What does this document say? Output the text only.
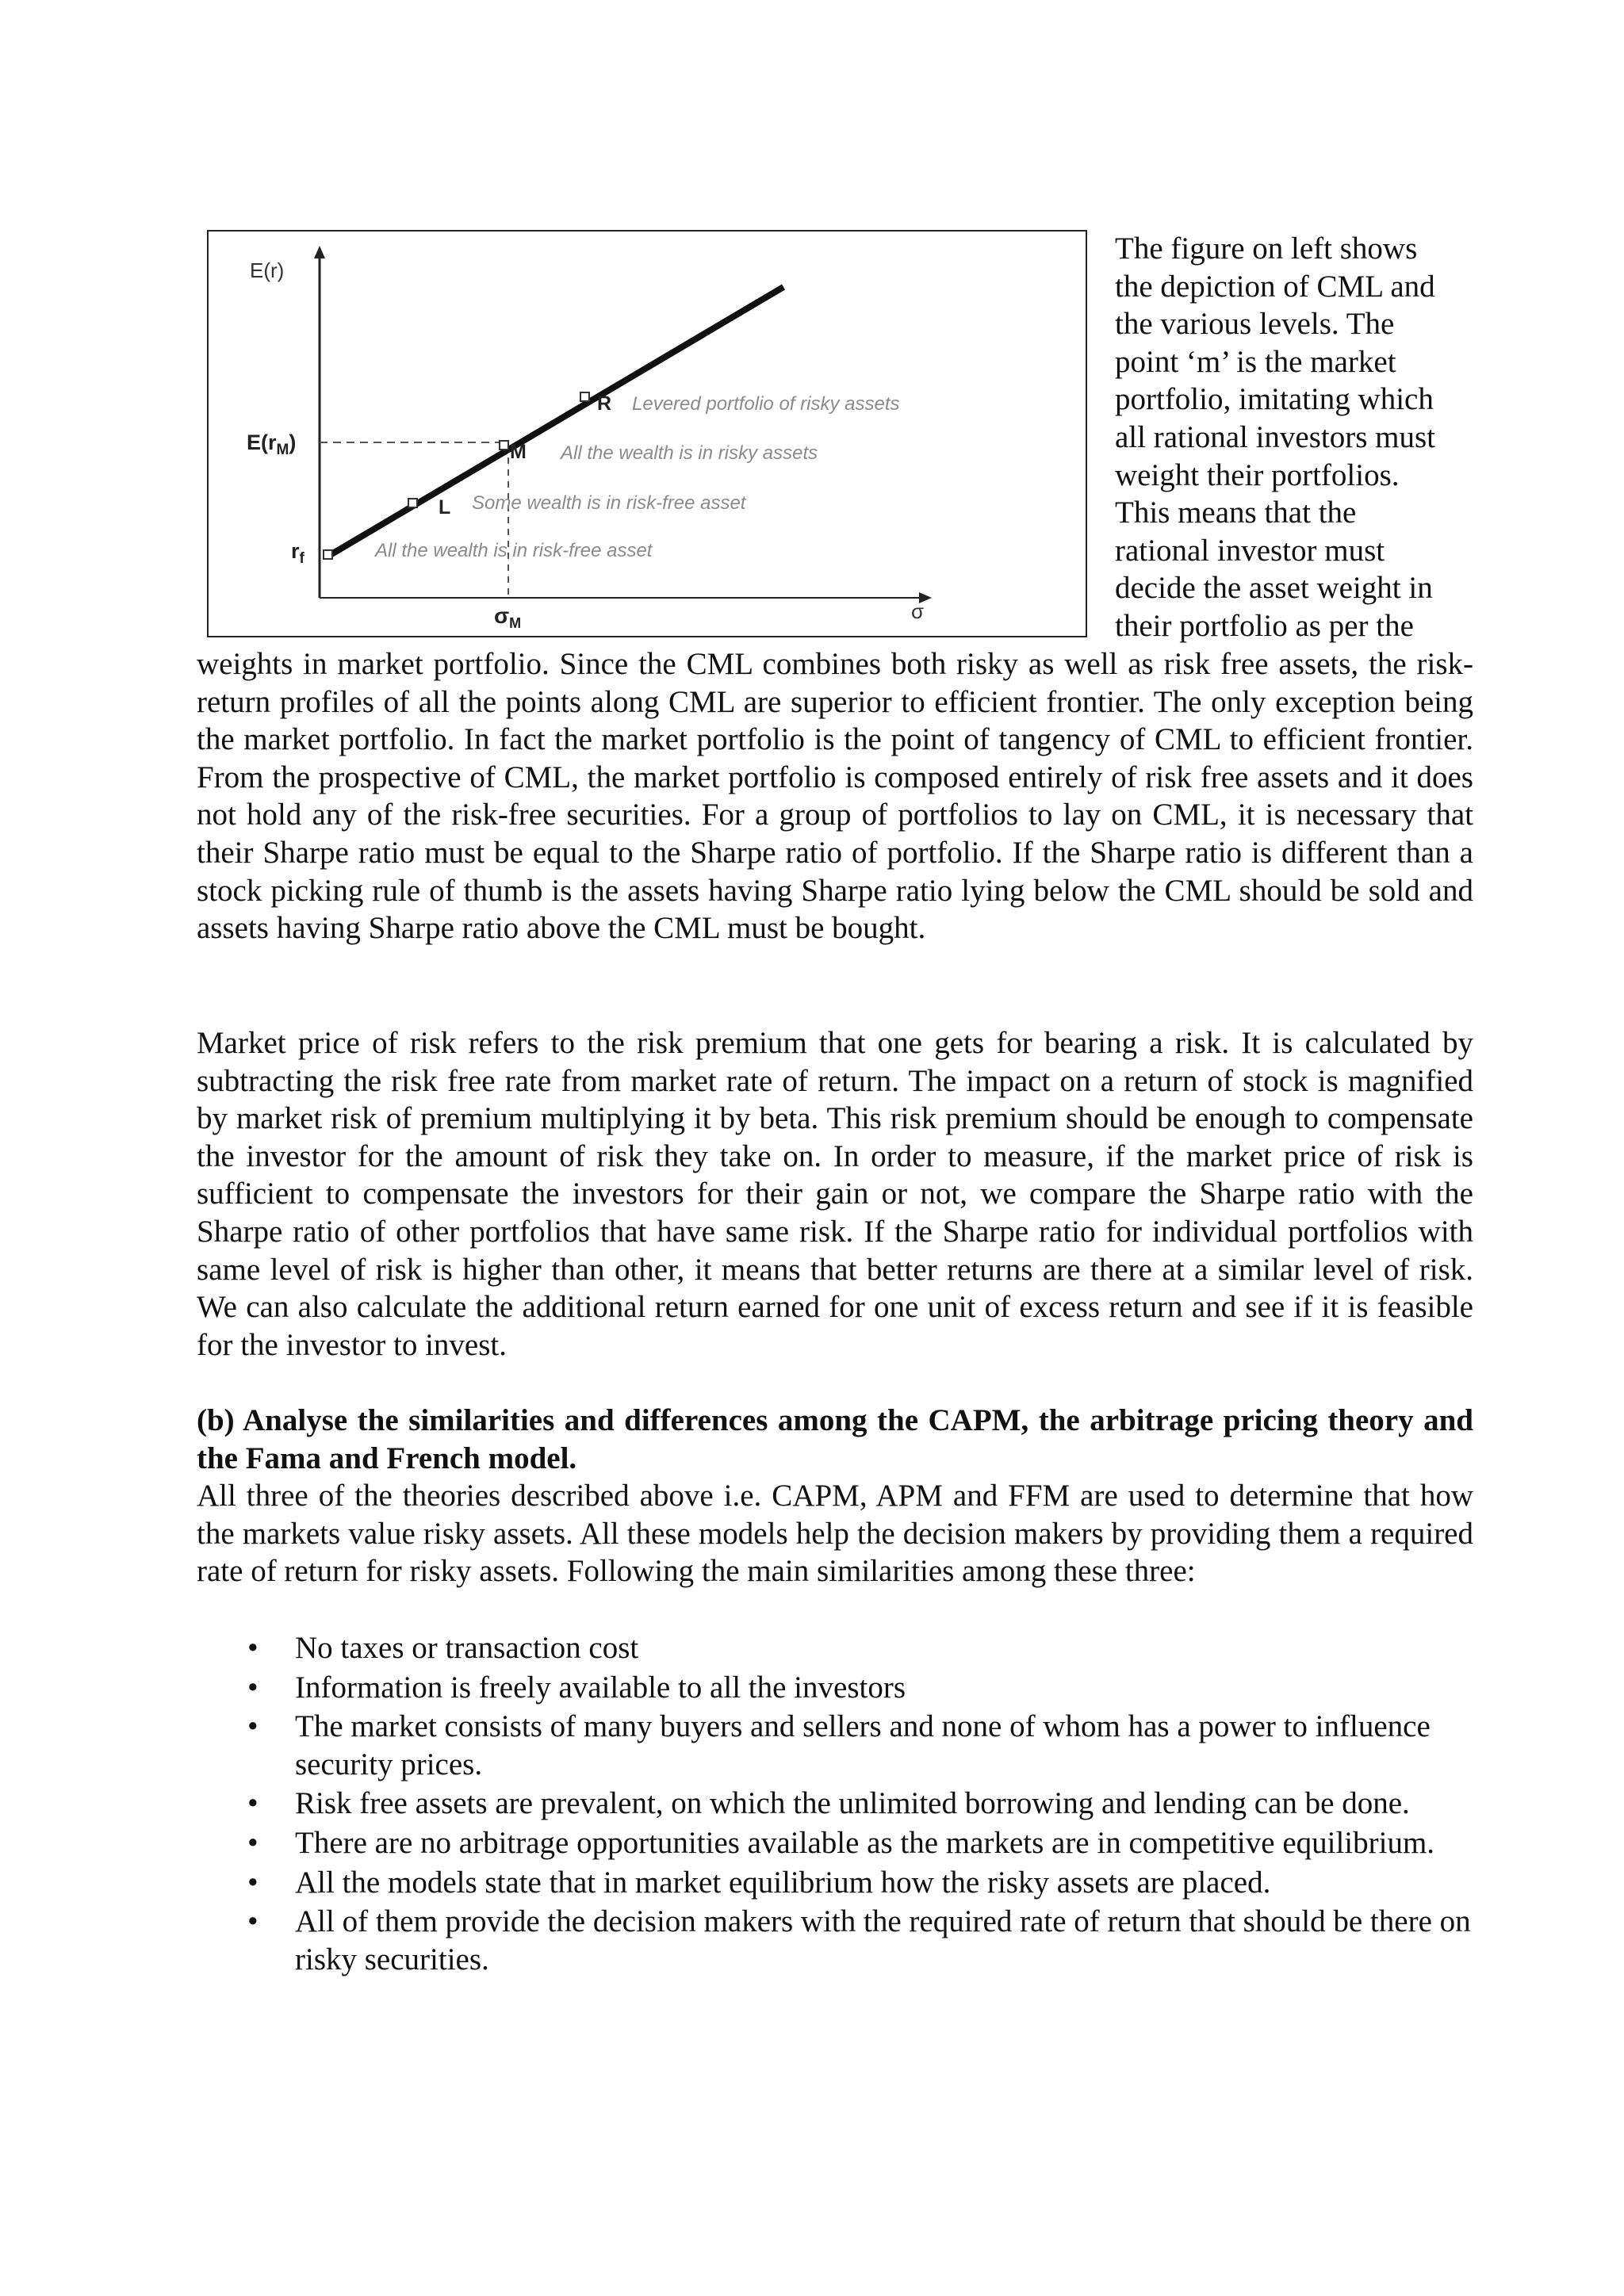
E(r)
σ
$E(r_M)$
$r_f$
$\sigma_M$
R
M
L
Levered portfolio of risky assets
All the wealth is in risky assets
Some wealth is in risk-free asset
All the wealth is in risk-free asset

The figure on left shows

the depiction of CML and

the various levels. The

point ‘m’ is the market

portfolio, imitating which

all rational investors must

weight their portfolios.

This means that the

rational investor must

decide the asset weight in

their portfolio as per the

weights in market portfolio. Since the CML combines both risky as well as risk free assets, the risk-return profiles of all the points along CML are superior to efficient frontier. The only exception being the market portfolio. In fact the market portfolio is the point of tangency of CML to efficient frontier. From the prospective of CML, the market portfolio is composed entirely of risk free assets and it does not hold any of the risk-free securities. For a group of portfolios to lay on CML, it is necessary that their Sharpe ratio must be equal to the Sharpe ratio of portfolio. If the Sharpe ratio is different than a stock picking rule of thumb is the assets having Sharpe ratio lying below the CML should be sold and assets having Sharpe ratio above the CML must be bought.

Market price of risk refers to the risk premium that one gets for bearing a risk. It is calculated by subtracting the risk free rate from market rate of return. The impact on a return of stock is magnified by market risk of premium multiplying it by beta. This risk premium should be enough to compensate the investor for the amount of risk they take on. In order to measure, if the market price of risk is sufficient to compensate the investors for their gain or not, we compare the Sharpe ratio with the Sharpe ratio of other portfolios that have same risk. If the Sharpe ratio for individual portfolios with same level of risk is higher than other, it means that better returns are there at a similar level of risk. We can also calculate the additional return earned for one unit of excess return and see if it is feasible for the investor to invest.

(b) Analyse the similarities and differences among the CAPM, the arbitrage pricing theory and the Fama and French model.

All three of the theories described above i.e. CAPM, APM and FFM are used to determine that how the markets value risky assets. All these models help the decision makers by providing them a required rate of return for risky assets. Following the main similarities among these three:

• No taxes or transaction cost
• Information is freely available to all the investors
• The market consists of many buyers and sellers and none of whom has a power to influence security prices.
• Risk free assets are prevalent, on which the unlimited borrowing and lending can be done.
• There are no arbitrage opportunities available as the markets are in competitive equilibrium.
• All the models state that in market equilibrium how the risky assets are placed.
• All of them provide the decision makers with the required rate of return that should be there on risky securities.
